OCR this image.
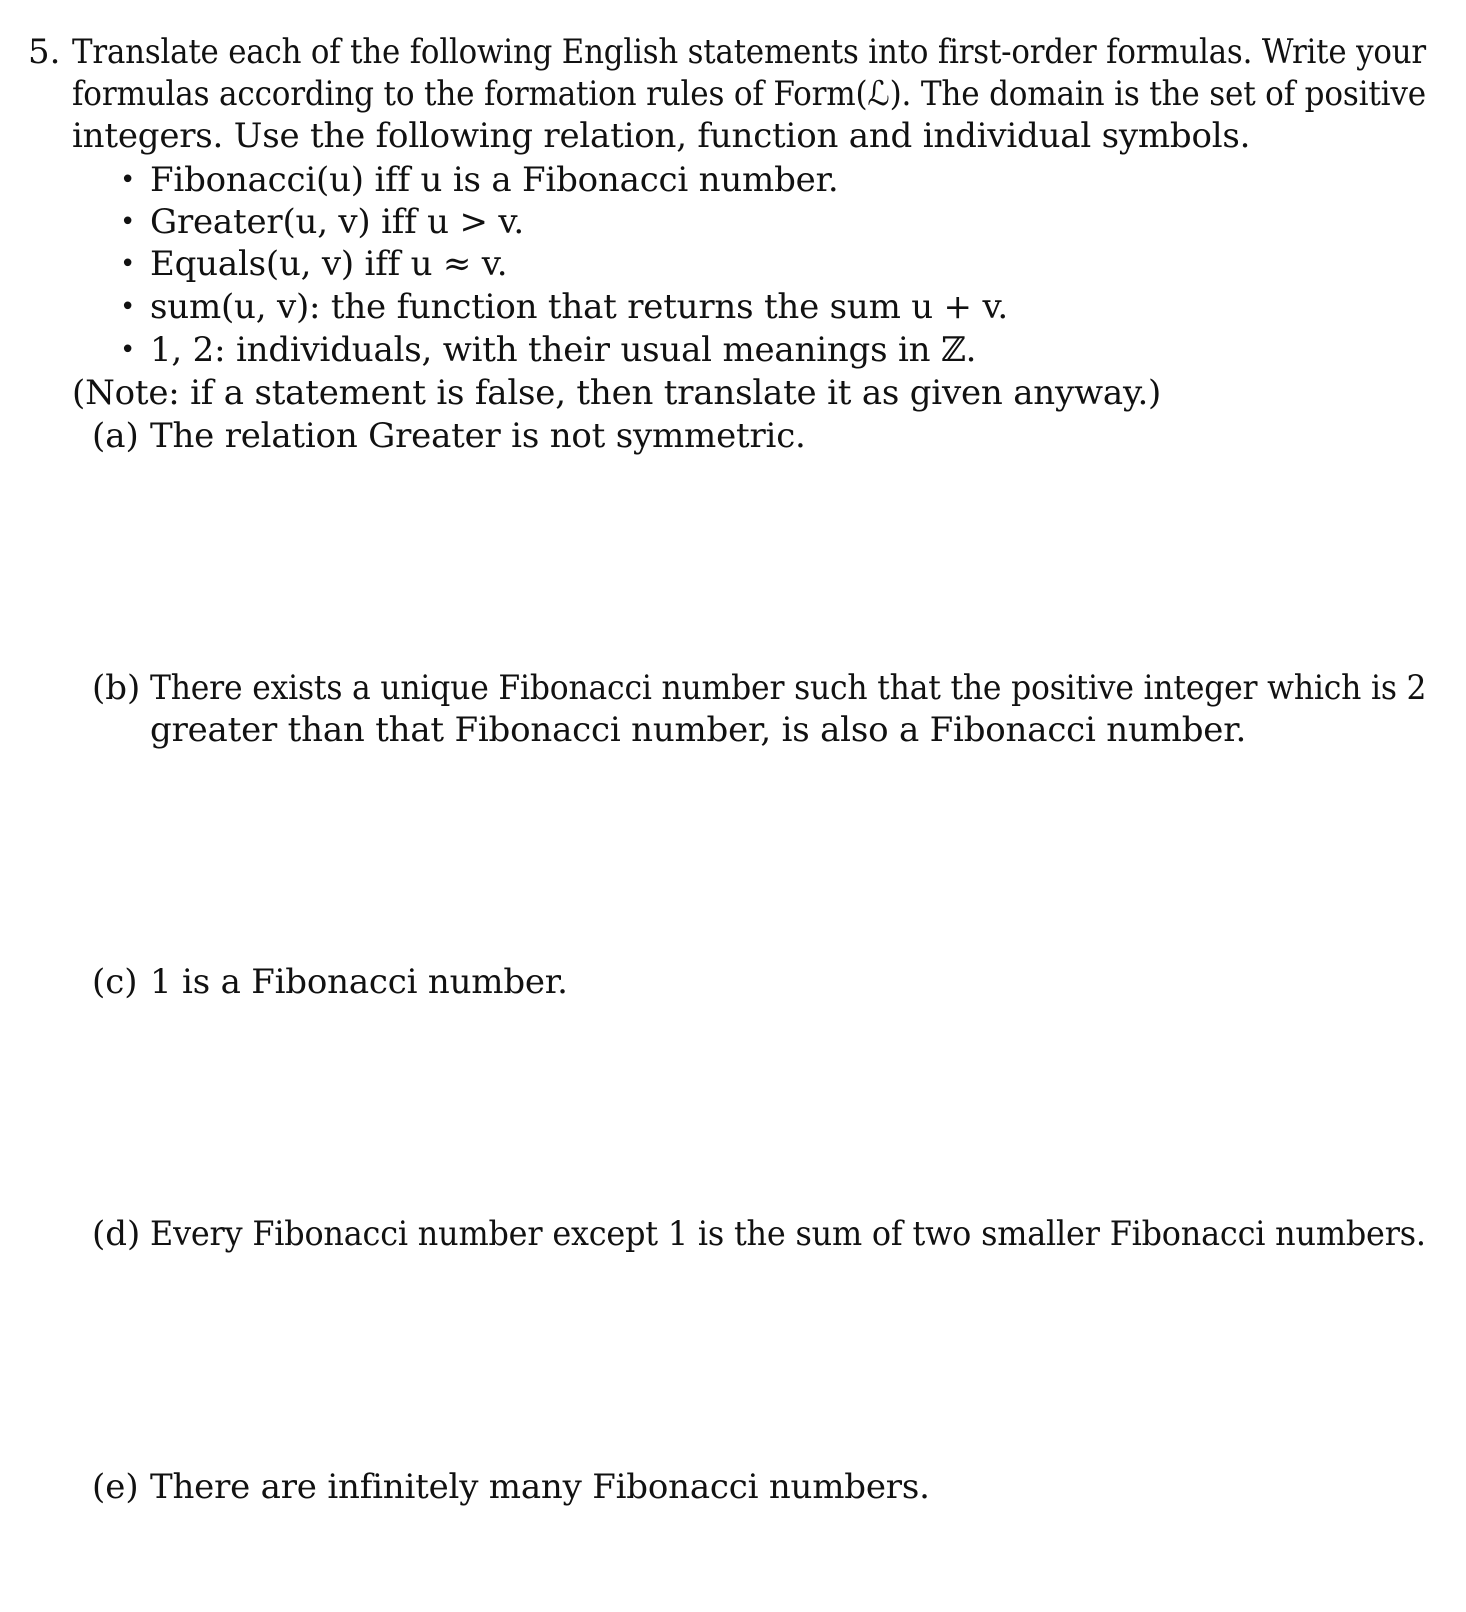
5. Translate each of the following English statements into first-order formulas. Write your
formulas according to the formation rules of Form(ℒ). The domain is the set of positive
integers. Use the following relation, function and individual symbols.
• Fibonacci(u) iff u is a Fibonacci number.
• Greater(u, v) iff u > v.
• Equals(u, v) iff u ≈ v.
• sum(u, v): the function that returns the sum u + v.
• 1, 2: individuals, with their usual meanings in ℤ.
(Note: if a statement is false, then translate it as given anyway.)
(a) The relation Greater is not symmetric.
(b) There exists a unique Fibonacci number such that the positive integer which is 2
greater than that Fibonacci number, is also a Fibonacci number.
(c) 1 is a Fibonacci number.
(d) Every Fibonacci number except 1 is the sum of two smaller Fibonacci numbers.
(e) There are infinitely many Fibonacci numbers.
